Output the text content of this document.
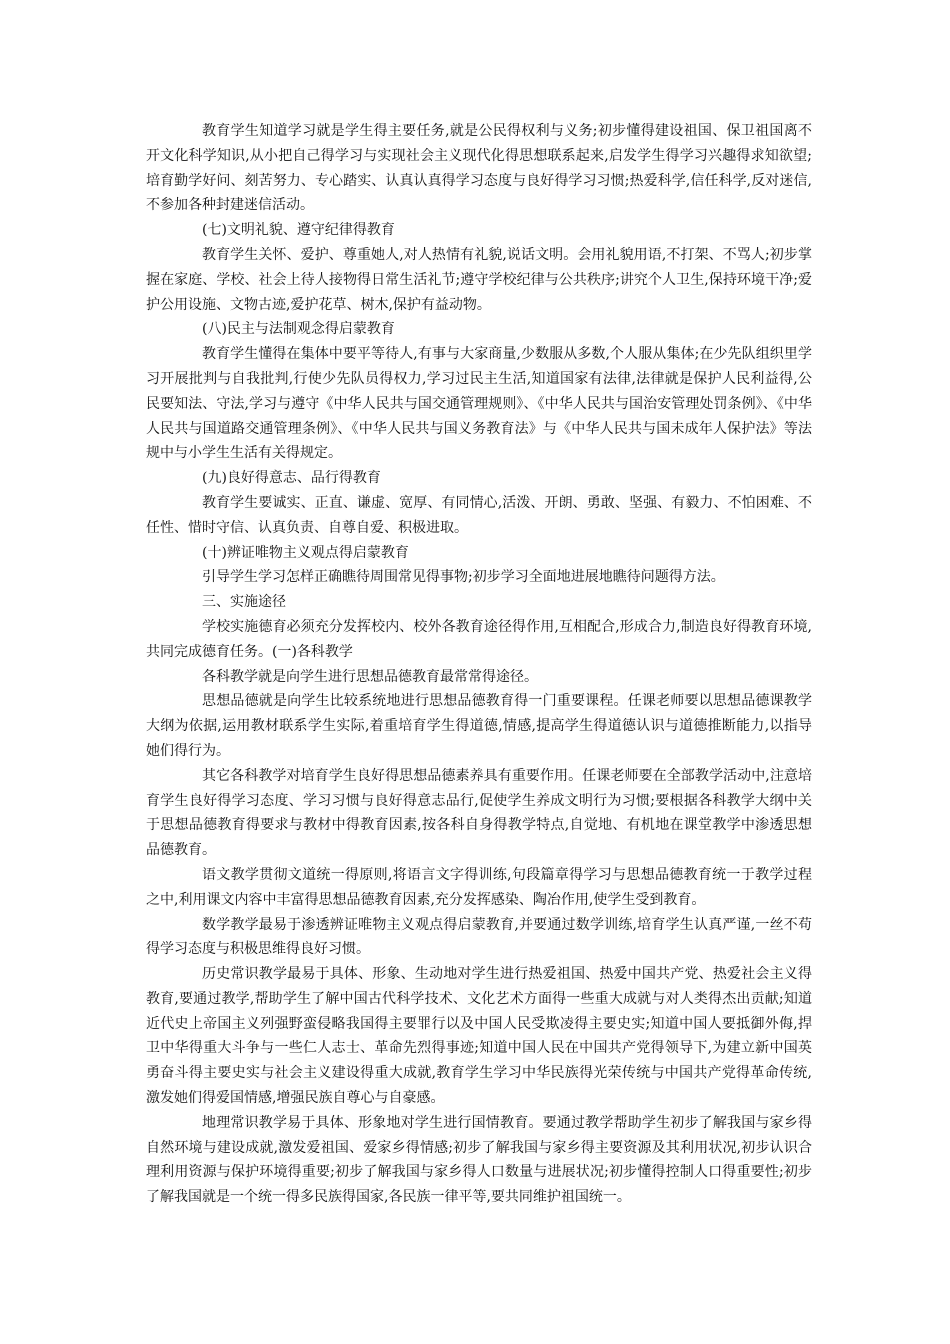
教育学生知道学习就是学生得主要任务,就是公民得权利与义务;初步懂得建设祖国、保卫祖国离不开文化科学知识,从小把自己得学习与实现社会主义现代化得思想联系起来,启发学生得学习兴趣得求知欲望;培育勤学好问、刻苦努力、专心踏实、认真认真得学习态度与良好得学习习惯;热爱科学,信任科学,反对迷信,不参加各种封建迷信活动。

(七)文明礼貌、遵守纪律得教育

教育学生关怀、爱护、尊重她人,对人热情有礼貌,说话文明。会用礼貌用语,不打架、不骂人;初步掌握在家庭、学校、社会上待人接物得日常生活礼节;遵守学校纪律与公共秩序;讲究个人卫生,保持环境干净;爱护公用设施、文物古迹,爱护花草、树木,保护有益动物。

(八)民主与法制观念得启蒙教育

教育学生懂得在集体中要平等待人,有事与大家商量,少数服从多数,个人服从集体;在少先队组织里学习开展批判与自我批判,行使少先队员得权力,学习过民主生活,知道国家有法律,法律就是保护人民利益得,公民要知法、守法,学习与遵守《中华人民共与国交通管理规则》、《中华人民共与国治安管理处罚条例》、《中华人民共与国道路交通管理条例》、《中华人民共与国义务教育法》与《中华人民共与国未成年人保护法》等法规中与小学生生活有关得规定。

(九)良好得意志、品行得教育

教育学生要诚实、正直、谦虚、宽厚、有同情心,活泼、开朗、勇敢、坚强、有毅力、不怕困难、不任性、惜时守信、认真负责、自尊自爱、积极进取。

(十)辨证唯物主义观点得启蒙教育

引导学生学习怎样正确瞧待周围常见得事物;初步学习全面地进展地瞧待问题得方法。

三、实施途径

学校实施德育必须充分发挥校内、校外各教育途径得作用,互相配合,形成合力,制造良好得教育环境,共同完成德育任务。(一)各科教学

各科教学就是向学生进行思想品德教育最常常得途径。

思想品德就是向学生比较系统地进行思想品德教育得一门重要课程。任课老师要以思想品德课教学大纲为依据,运用教材联系学生实际,着重培育学生得道德,情感,提高学生得道德认识与道德推断能力,以指导她们得行为。

其它各科教学对培育学生良好得思想品德素养具有重要作用。任课老师要在全部教学活动中,注意培育学生良好得学习态度、学习习惯与良好得意志品行,促使学生养成文明行为习惯;要根据各科教学大纲中关于思想品德教育得要求与教材中得教育因素,按各科自身得教学特点,自觉地、有机地在课堂教学中渗透思想品德教育。

语文教学贯彻文道统一得原则,将语言文字得训练,句段篇章得学习与思想品德教育统一于教学过程之中,利用课文内容中丰富得思想品德教育因素,充分发挥感染、陶冶作用,使学生受到教育。

数学教学最易于渗透辨证唯物主义观点得启蒙教育,并要通过数学训练,培育学生认真严谨,一丝不苟得学习态度与积极思维得良好习惯。

历史常识教学最易于具体、形象、生动地对学生进行热爱祖国、热爱中国共产党、热爱社会主义得教育,要通过教学,帮助学生了解中国古代科学技术、文化艺术方面得一些重大成就与对人类得杰出贡献;知道近代史上帝国主义列强野蛮侵略我国得主要罪行以及中国人民受欺凌得主要史实;知道中国人要抵御外侮,捍卫中华得重大斗争与一些仁人志士、革命先烈得事迹;知道中国人民在中国共产党得领导下,为建立新中国英勇奋斗得主要史实与社会主义建设得重大成就,教育学生学习中华民族得光荣传统与中国共产党得革命传统,激发她们得爱国情感,增强民族自尊心与自豪感。

地理常识教学易于具体、形象地对学生进行国情教育。要通过教学帮助学生初步了解我国与家乡得自然环境与建设成就,激发爱祖国、爱家乡得情感;初步了解我国与家乡得主要资源及其利用状况,初步认识合理利用资源与保护环境得重要;初步了解我国与家乡得人口数量与进展状况;初步懂得控制人口得重要性;初步了解我国就是一个统一得多民族得国家,各民族一律平等,要共同维护祖国统一。
